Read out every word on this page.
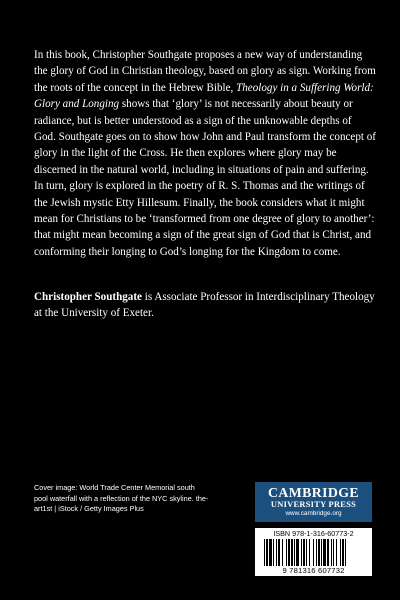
In this book, Christopher Southgate proposes a new way of understanding the glory of God in Christian theology, based on glory as sign. Working from the roots of the concept in the Hebrew Bible, Theology in a Suffering World: Glory and Longing shows that ‘glory’ is not necessarily about beauty or radiance, but is better understood as a sign of the unknowable depths of God. Southgate goes on to show how John and Paul transform the concept of glory in the light of the Cross. He then explores where glory may be discerned in the natural world, including in situations of pain and suffering. In turn, glory is explored in the poetry of R. S. Thomas and the writings of the Jewish mystic Etty Hillesum. Finally, the book considers what it might mean for Christians to be ‘transformed from one degree of glory to another’: that might mean becoming a sign of the great sign of God that is Christ, and conforming their longing to God’s longing for the Kingdom to come.

Christopher Southgate is Associate Professor in Interdisciplinary Theology at the University of Exeter.

Cover image: World Trade Center Memorial south pool waterfall with a reflection of the NYC skyline. the-art1st | iStock / Getty Images Plus

CAMBRIDGE
UNIVERSITY PRESS
www.cambridge.org
ISBN 978-1-316-60773-2
9 781316 607732
